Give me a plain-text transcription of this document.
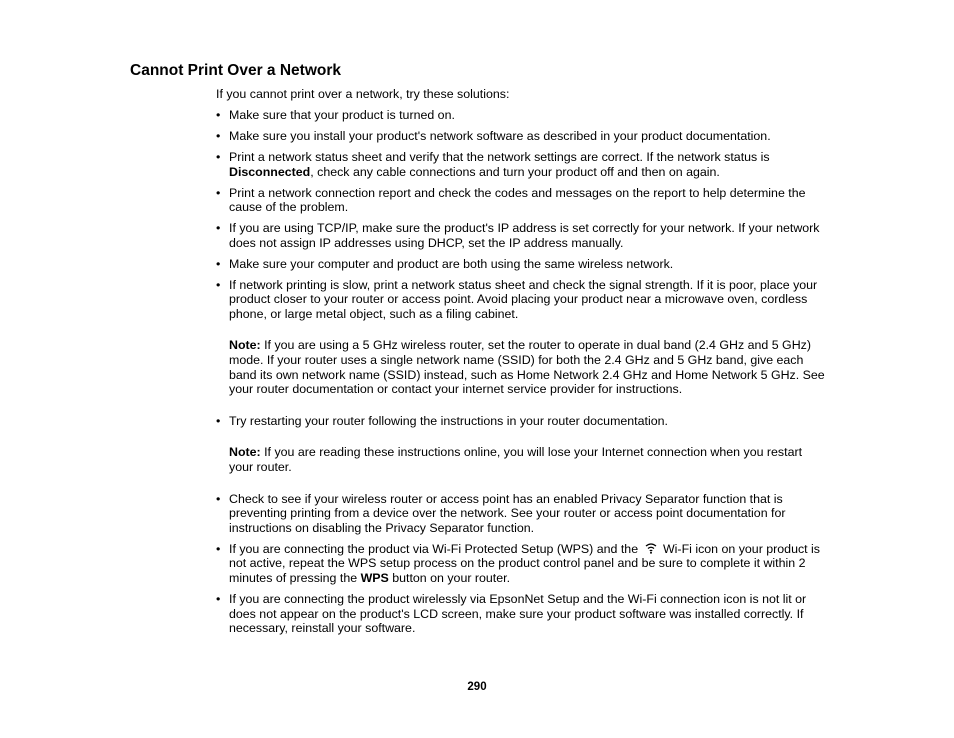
Cannot Print Over a Network

If you cannot print over a network, try these solutions:

• Make sure that your product is turned on.
• Make sure you install your product's network software as described in your product documentation.
• Print a network status sheet and verify that the network settings are correct. If the network status is Disconnected, check any cable connections and turn your product off and then on again.
• Print a network connection report and check the codes and messages on the report to help determine the cause of the problem.
• If you are using TCP/IP, make sure the product's IP address is set correctly for your network. If your network does not assign IP addresses using DHCP, set the IP address manually.
• Make sure your computer and product are both using the same wireless network.
• If network printing is slow, print a network status sheet and check the signal strength. If it is poor, place your product closer to your router or access point. Avoid placing your product near a microwave oven, cordless phone, or large metal object, such as a filing cabinet.
Note: If you are using a 5 GHz wireless router, set the router to operate in dual band (2.4 GHz and 5 GHz) mode. If your router uses a single network name (SSID) for both the 2.4 GHz and 5 GHz band, give each band its own network name (SSID) instead, such as Home Network 2.4 GHz and Home Network 5 GHz. See your router documentation or contact your internet service provider for instructions.
• Try restarting your router following the instructions in your router documentation.
Note: If you are reading these instructions online, you will lose your Internet connection when you restart your router.
• Check to see if your wireless router or access point has an enabled Privacy Separator function that is preventing printing from a device over the network. See your router or access point documentation for instructions on disabling the Privacy Separator function.
• If you are connecting the product via Wi-Fi Protected Setup (WPS) and the  Wi-Fi icon on your product is not active, repeat the WPS setup process on the product control panel and be sure to complete it within 2 minutes of pressing the WPS button on your router.
• If you are connecting the product wirelessly via EpsonNet Setup and the Wi-Fi connection icon is not lit or does not appear on the product's LCD screen, make sure your product software was installed correctly. If necessary, reinstall your software.
290
